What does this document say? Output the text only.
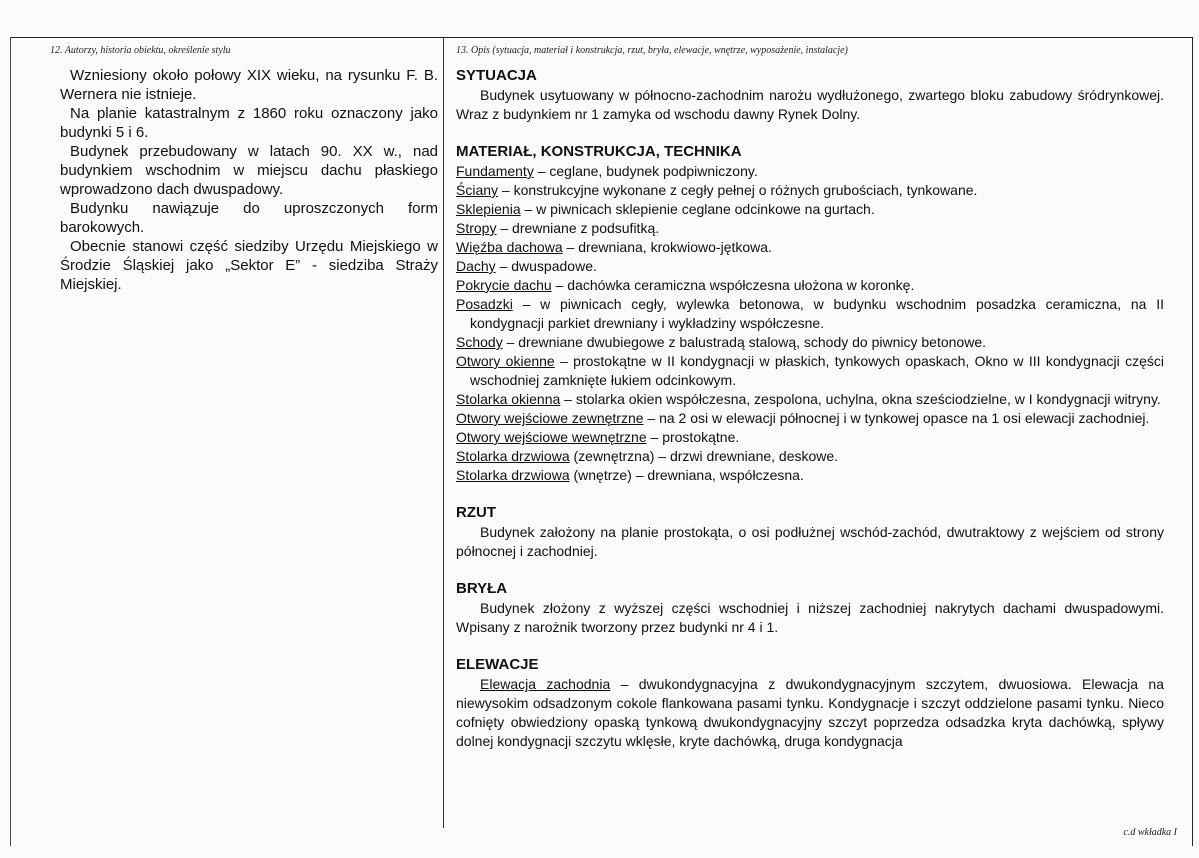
12. Autorzy, historia obiektu, określenie stylu

Wzniesiony około połowy XIX wieku, na rysunku F. B. Wernera nie istnieje.

Na planie katastralnym z 1860 roku oznaczony jako budynki 5 i 6.

Budynek przebudowany w latach 90. XX w., nad budynkiem wschodnim w miejscu dachu płaskiego wprowadzono dach dwuspadowy.

Budynku nawiązuje do uproszczonych form barokowych.

Obecnie stanowi część siedziby Urzędu Miejskiego w Środzie Śląskiej jako „Sektor E” - siedziba Straży Miejskiej.

13. Opis (sytuacja, materiał i konstrukcja, rzut, bryła, elewacje, wnętrze, wyposażenie, instalacje)

SYTUACJA

Budynek usytuowany w północno-zachodnim narożu wydłużonego, zwartego bloku zabudowy śródrynkowej. Wraz z budynkiem nr 1 zamyka od wschodu dawny Rynek Dolny.

MATERIAŁ, KONSTRUKCJA, TECHNIKA

Fundamenty – ceglane, budynek podpiwniczony.

Ściany – konstrukcyjne wykonane z cegły pełnej o różnych grubościach, tynkowane.

Sklepienia – w piwnicach sklepienie ceglane odcinkowe na gurtach.

Stropy – drewniane z podsufitką.

Więźba dachowa – drewniana, krokwiowo-jętkowa.

Dachy – dwuspadowe.

Pokrycie dachu – dachówka ceramiczna współczesna ułożona w koronkę.

Posadzki – w piwnicach cegły, wylewka betonowa, w budynku wschodnim posadzka ceramiczna, na II kondygnacji parkiet drewniany i wykładziny współczesne.

Schody – drewniane dwubiegowe z balustradą stalową, schody do piwnicy betonowe.

Otwory okienne – prostokątne w II kondygnacji w płaskich, tynkowych opaskach, Okno w III kondygnacji części wschodniej zamknięte łukiem odcinkowym.

Stolarka okienna – stolarka okien współczesna, zespolona, uchylna, okna sześciodzielne, w I kondygnacji witryny.

Otwory wejściowe zewnętrzne – na 2 osi w elewacji północnej i w tynkowej opasce na 1 osi elewacji zachodniej.

Otwory wejściowe wewnętrzne – prostokątne.

Stolarka drzwiowa (zewnętrzna) – drzwi drewniane, deskowe.

Stolarka drzwiowa (wnętrze) – drewniana, współczesna.

RZUT

Budynek założony na planie prostokąta, o osi podłużnej wschód-zachód, dwutraktowy z wejściem od strony północnej i zachodniej.

BRYŁA

Budynek złożony z wyższej części wschodniej i niższej zachodniej nakrytych dachami dwuspadowymi. Wpisany z narożnik tworzony przez budynki nr 4 i 1.

ELEWACJE

Elewacja zachodnia – dwukondygnacyjna z dwukondygnacyjnym szczytem, dwuosiowa. Elewacja na niewysokim odsadzonym cokole flankowana pasami tynku. Kondygnacje i szczyt oddzielone pasami tynku. Nieco cofnięty obwiedziony opaską tynkową dwukondygnacyjny szczyt poprzedza odsadzka kryta dachówką, spływy dolnej kondygnacji szczytu wklęsłe, kryte dachówką, druga kondygnacja

c.d wkładka I
